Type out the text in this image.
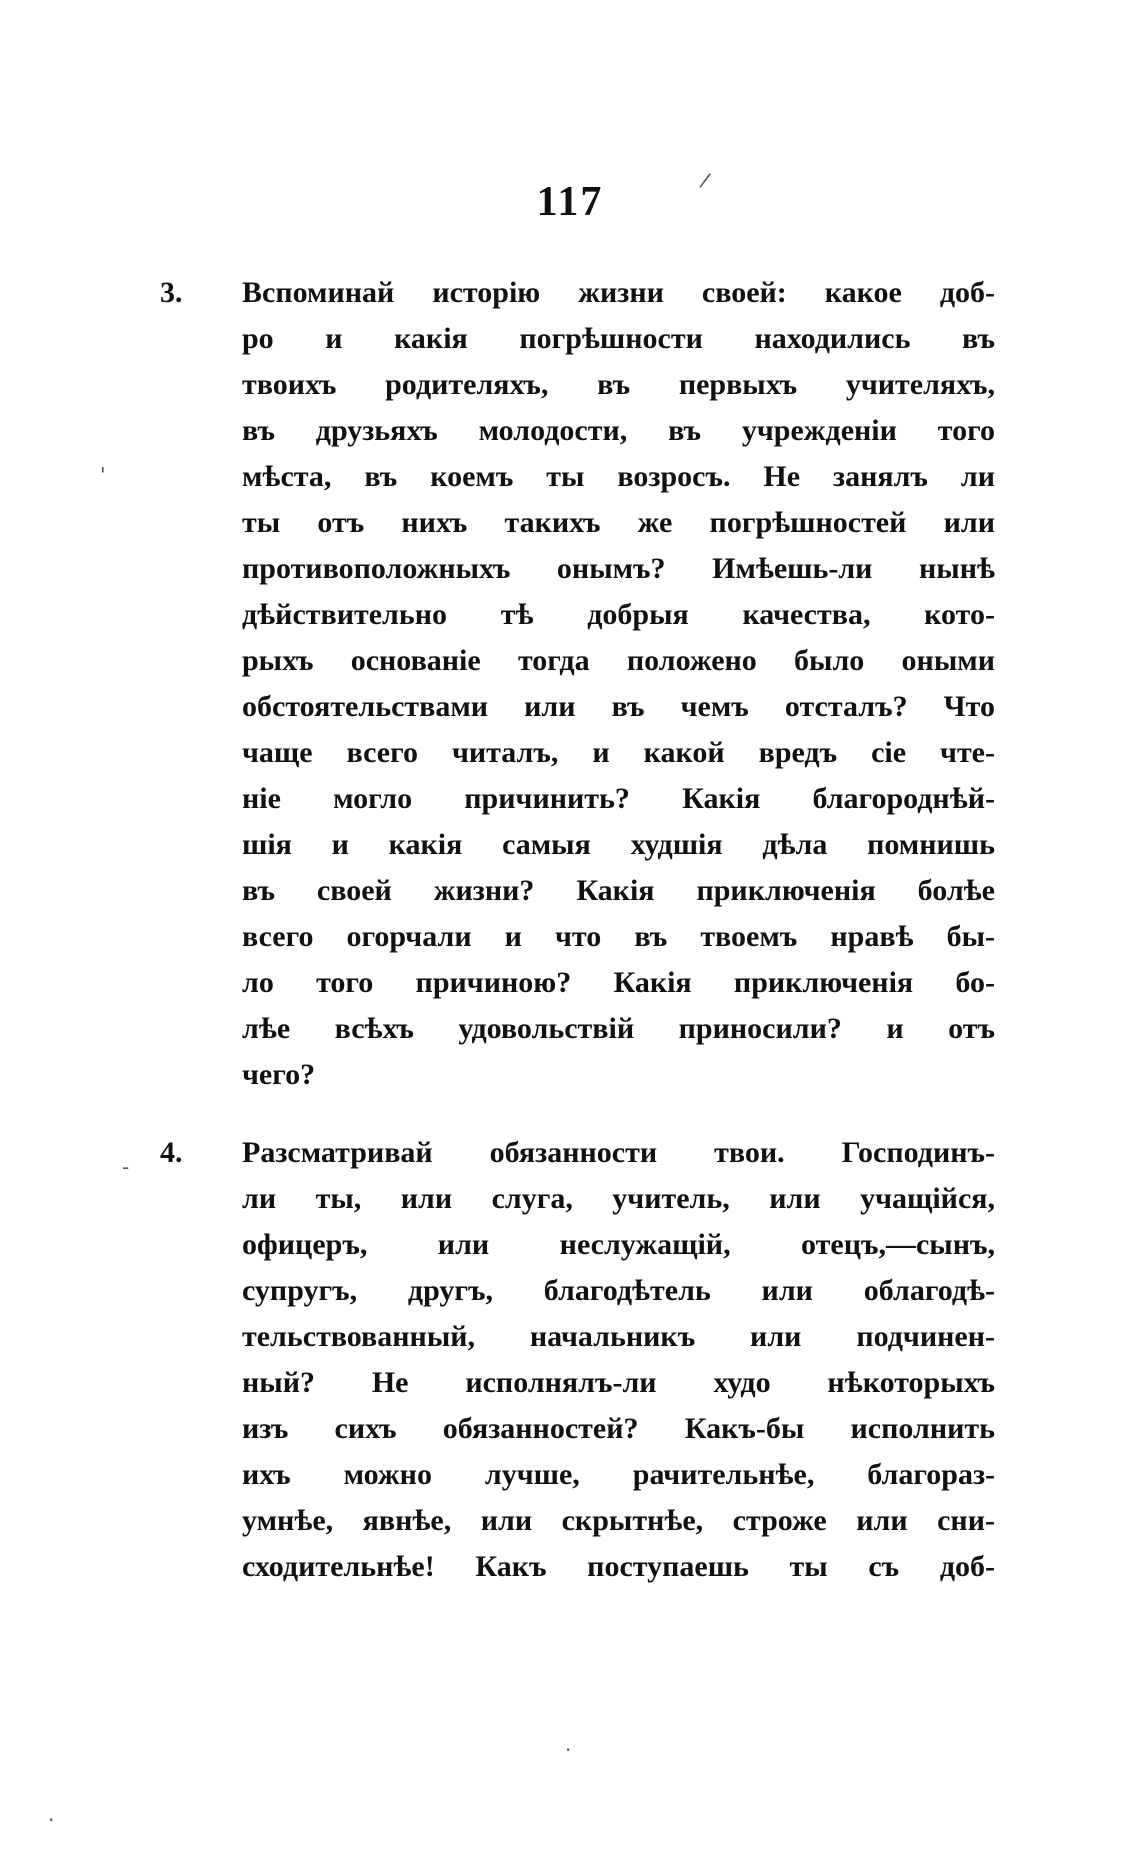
117
3. Вспоминай исторію жизни своей: какое доб-
ро и какія погрѣшности находились въ
твоихъ родителяхъ, въ первыхъ учителяхъ,
въ друзьяхъ молодости, въ учрежденіи того
мѣста, въ коемъ ты возросъ. Не занялъ ли
ты отъ нихъ такихъ же погрѣшностей или
противоположныхъ онымъ? Имѣешь-ли нынѣ
дѣйствительно тѣ добрыя качества, кото-
рыхъ основаніе тогда положено было оными
обстоятельствами или въ чемъ отсталъ? Что
чаще всего читалъ, и какой вредъ сіе чте-
ніе могло причинить? Какія благороднѣй-
шія и какія самыя худшія дѣла помнишь
въ своей жизни? Какія приключенія болѣе
всего огорчали и что въ твоемъ нравѣ бы-
ло того причиною? Какія приключенія бо-
лѣе всѣхъ удовольствій приносили? и отъ
чего?
4. Разсматривай обязанности твои. Господинъ-
ли ты, или слуга, учитель, или учащійся,
офицеръ, или неслужащій, отецъ,—сынъ,
супругъ, другъ, благодѣтель или облагодѣ-
тельствованный, начальникъ или подчинен-
ный? Не исполнялъ-ли худо нѣкоторыхъ
изъ сихъ обязанностей? Какъ-бы исполнить
ихъ можно лучше, рачительнѣе, благораз-
умнѣе, явнѣе, или скрытнѣе, строже или сни-
сходительнѣе! Какъ поступаешь ты съ доб-
/
'
-
·
·
